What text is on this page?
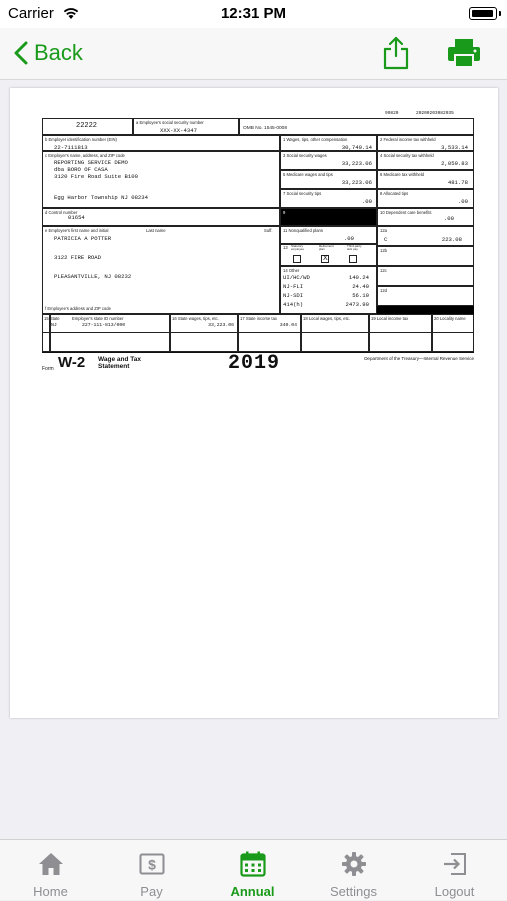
Carrier	12:31 PM
Back
99820	20200203082035
22222	a Employee's social security number
XXX-XX-4347	OMB No. 1545-0008
b Employer identification number (EIN)
22-7111813
c Employer's name, address, and ZIP code
REPORTING SERVICE DEMO
dba BORO OF CASA
3120 Fire Road Suite B100
Egg Harbor Township NJ 08234
d Control number
01654
e Employee's first name and initial	Last name	Suff.
PATRICIA A POTTER
3122 FIRE ROAD
PLEASANTVILLE, NJ 08232
f Employee's address and ZIP code
1 Wages, tips, other compensation
30,749.14
2 Federal income tax withheld
3,533.14
3 Social security wages
33,223.06
4 Social security tax withheld
2,059.83
5 Medicare wages and tips
33,223.06
6 Medicare tax withheld
481.78
7 Social security tips
.00
8 Allocated tips
.00
9	10 Dependent care benefits
.00
11 Nonqualified plans
.00
13 Statutory employee
Retirement plan
Third-party sick pay
X
14 Other
UI/HC/WD	140.24
NJ-FLI	24.40
NJ-SDI	56.10
414(h)	2473.90
12a
C	223.08
12b
12c
12d
15 State	Employer's state ID number
NJ	227-111-813/000
16 State wages, tips, etc.
33,223.06
17 State income tax
340.04
18 Local wages, tips, etc.	19 Local income tax	20 Locality name
Form W-2 Wage and Tax
Statement	2019	Department of the Treasury—Internal Revenue Service
Home
$
Pay	Annual	Settings	Logout
